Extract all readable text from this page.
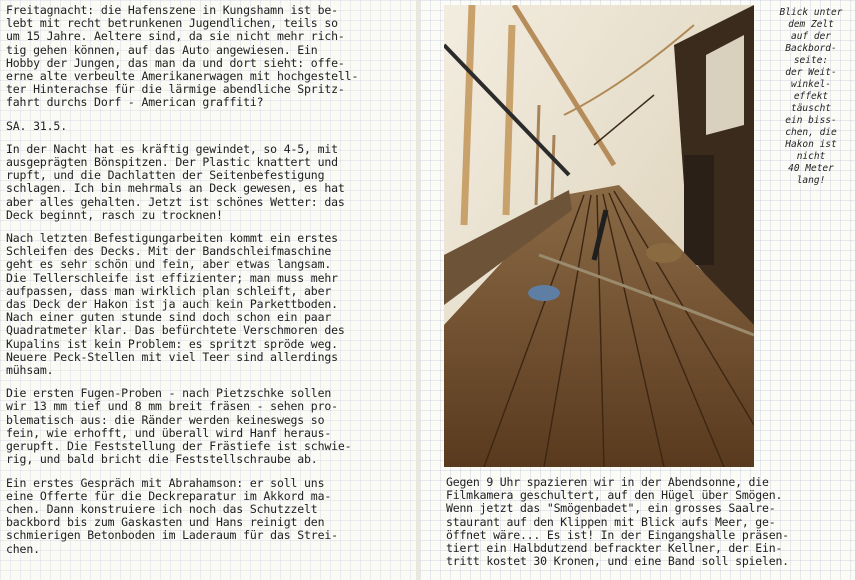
Freitagnacht: die Hafenszene in Kungshamn ist be-
lebt mit recht betrunkenen Jugendlichen, teils so
um 15 Jahre. Aeltere sind, da sie nicht mehr rich-
tig gehen können, auf das Auto angewiesen. Ein
Hobby der Jungen, das man da und dort sieht: offe-
erne alte verbeulte Amerikanerwagen mit hochgestell-
ter Hinterachse für die lärmige abendliche Spritz-
fahrt durchs Dorf - American graffiti?

SA. 31.5.

In der Nacht hat es kräftig gewindet, so 4-5, mit
ausgeprägten Bönspitzen. Der Plastic knattert und
rupft, und die Dachlatten der Seitenbefestigung
schlagen. Ich bin mehrmals an Deck gewesen, es hat
aber alles gehalten. Jetzt ist schönes Wetter: das
Deck beginnt, rasch zu trocknen!

Nach letzten Befestigungarbeiten kommt ein erstes
Schleifen des Decks. Mit der Bandschleifmaschine
geht es sehr schön und fein, aber etwas langsam.
Die Tellerschleife ist effizienter; man muss mehr
aufpassen, dass man wirklich plan schleift, aber
das Deck der Hakon ist ja auch kein Parkettboden.
Nach einer guten stunde sind doch schon ein paar
Quadratmeter klar. Das befürchtete Verschmoren des
Kupalins ist kein Problem: es spritzt spröde weg.
Neuere Peck-Stellen mit viel Teer sind allerdings
mühsam.

Die ersten Fugen-Proben - nach Pietzschke sollen
wir 13 mm tief und 8 mm breit fräsen - sehen pro-
blematisch aus: die Ränder werden keineswegs so
fein, wie erhofft, und überall wird Hanf heraus-
gerupft. Die Feststellung der Frästiefe ist schwie-
rig, und bald bricht die Feststellschraube ab.

Ein erstes Gespräch mit Abrahamson: er soll uns
eine Offerte für die Deckreparatur im Akkord ma-
chen. Dann konstruiere ich noch das Schutzzelt
backbord bis zum Gaskasten und Hans reinigt den
schmierigen Betonboden im Laderaum für das Strei-
chen.

Blick unter
dem Zelt
auf der
Backbord-
seite:
der Weit-
winkel-
effekt
täuscht
ein biss-
chen, die
Hakon ist
nicht
40 Meter
lang!

Gegen 9 Uhr spazieren wir in der Abendsonne, die
Filmkamera geschultert, auf den Hügel über Smögen.
Wenn jetzt das "Smögenbadet", ein grosses Saalre-
staurant auf den Klippen mit Blick aufs Meer, ge-
öffnet wäre... Es ist! In der Eingangshalle präsen-
tiert ein Halbdutzend befrackter Kellner, der Ein-
tritt kostet 30 Kronen, und eine Band soll spielen.
